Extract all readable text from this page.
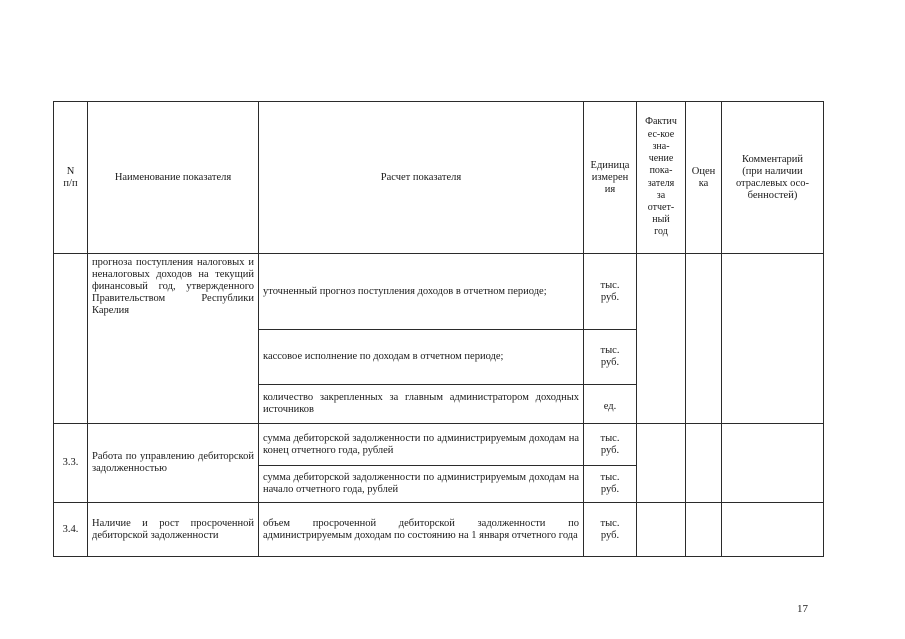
N
п/п
Наименование показателя	Расчет показателя
Единица
измерен
ия
Фактич
ес-кое
зна-
чение
пока-
зателя
за
отчет-
ный
год
Оцен
ка
Комментарий
(при наличии
отраслевых осо-
бенностей)
прогноза поступления налоговых и неналоговых доходов на текущий финансовый год, утвержденного Правительством Республики Карелия
уточненный прогноз поступления доходов в отчетном периоде;
тыс.
руб.
кассовое исполнение по доходам в отчетном периоде;
тыс.
руб.
количество закрепленных за главным администратором доходных источников	ед.
3.3.
Работа по управлению дебиторской задолженностью
сумма дебиторской задолженности по администрируемым доходам на конец отчетного года, рублей
тыс.
руб.
сумма дебиторской задолженности по администрируемым доходам на начало отчетного года, рублей
тыс.
руб.
3.4.
Наличие и рост просроченной дебиторской задолженности
объем просроченной дебиторской задолженности по администрируемым доходам по состоянию на 1 января отчетного года
тыс.
руб.
17
